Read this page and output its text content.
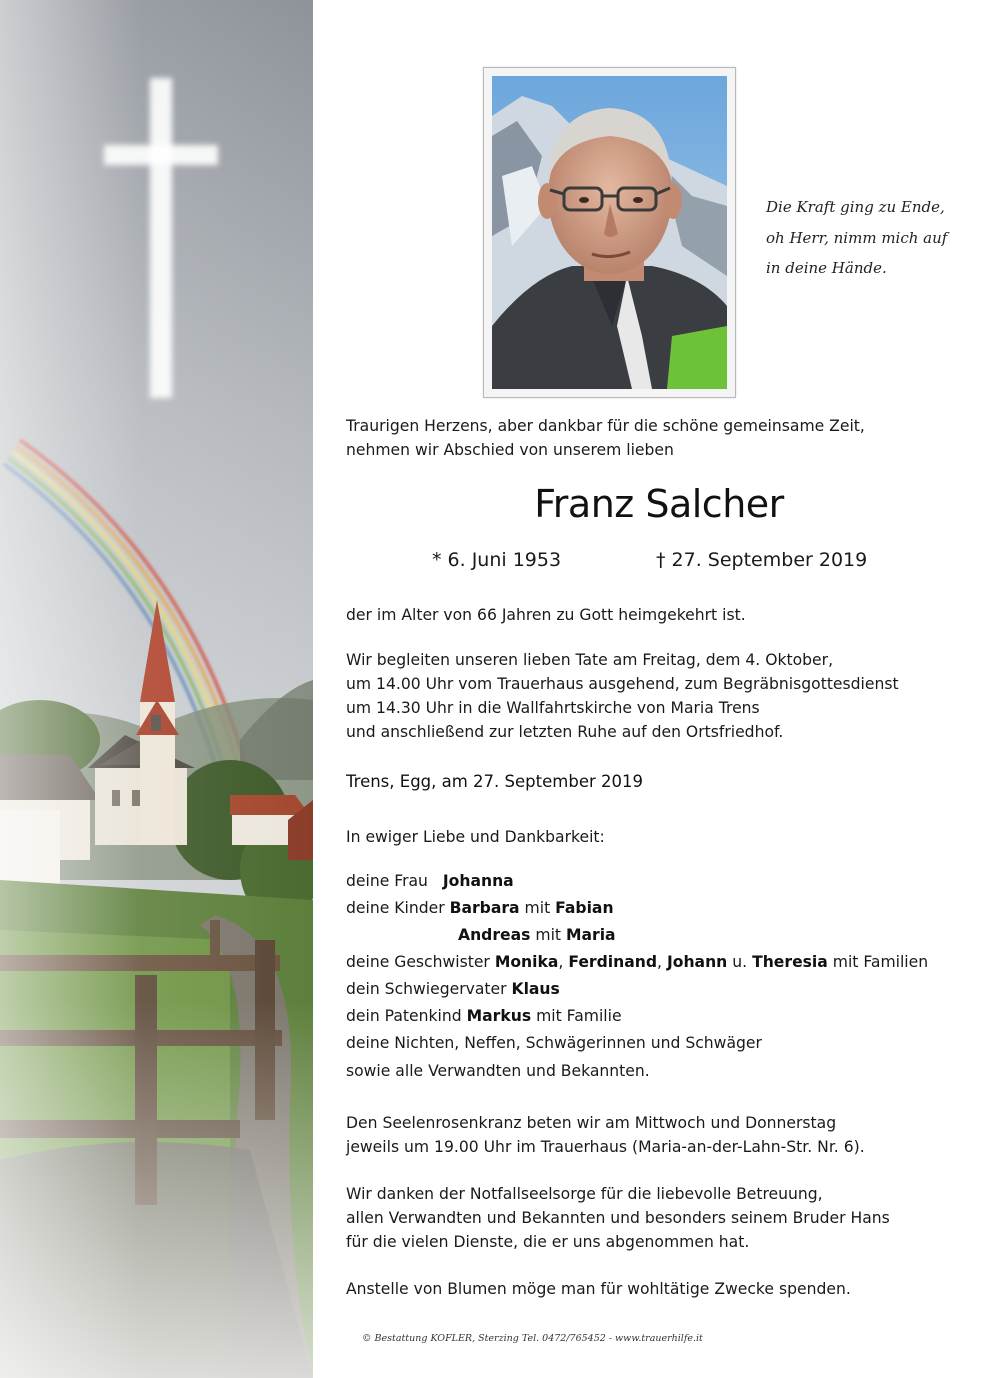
Die Kraft ging zu Ende,
oh Herr, nimm mich auf
in deine Hände.
Traurigen Herzens, aber dankbar für die schöne gemeinsame Zeit,
nehmen wir Abschied von unserem lieben
Franz Salcher
* 6. Juni 1953	† 27. September 2019
der im Alter von 66 Jahren zu Gott heimgekehrt ist.
Wir begleiten unseren lieben Tate am Freitag, dem 4. Oktober,
um 14.00 Uhr vom Trauerhaus ausgehend, zum Begräbnisgottesdienst
um 14.30 Uhr in die Wallfahrtskirche von Maria Trens
und anschließend zur letzten Ruhe auf den Ortsfriedhof.
Trens, Egg, am 27. September 2019
In ewiger Liebe und Dankbarkeit:
deine Frau Johanna
deine Kinder Barbara mit Fabian
Andreas mit Maria
deine Geschwister Monika, Ferdinand, Johann u. Theresia mit Familien
dein Schwiegervater Klaus
dein Patenkind Markus mit Familie
deine Nichten, Neffen, Schwägerinnen und Schwäger
sowie alle Verwandten und Bekannten.
Den Seelenrosenkranz beten wir am Mittwoch und Donnerstag
jeweils um 19.00 Uhr im Trauerhaus (Maria-an-der-Lahn-Str. Nr. 6).
Wir danken der Notfallseelsorge für die liebevolle Betreuung,
allen Verwandten und Bekannten und besonders seinem Bruder Hans
für die vielen Dienste, die er uns abgenommen hat.
Anstelle von Blumen möge man für wohltätige Zwecke spenden.
© Bestattung KOFLER, Sterzing Tel. 0472/765452 - www.trauerhilfe.it
